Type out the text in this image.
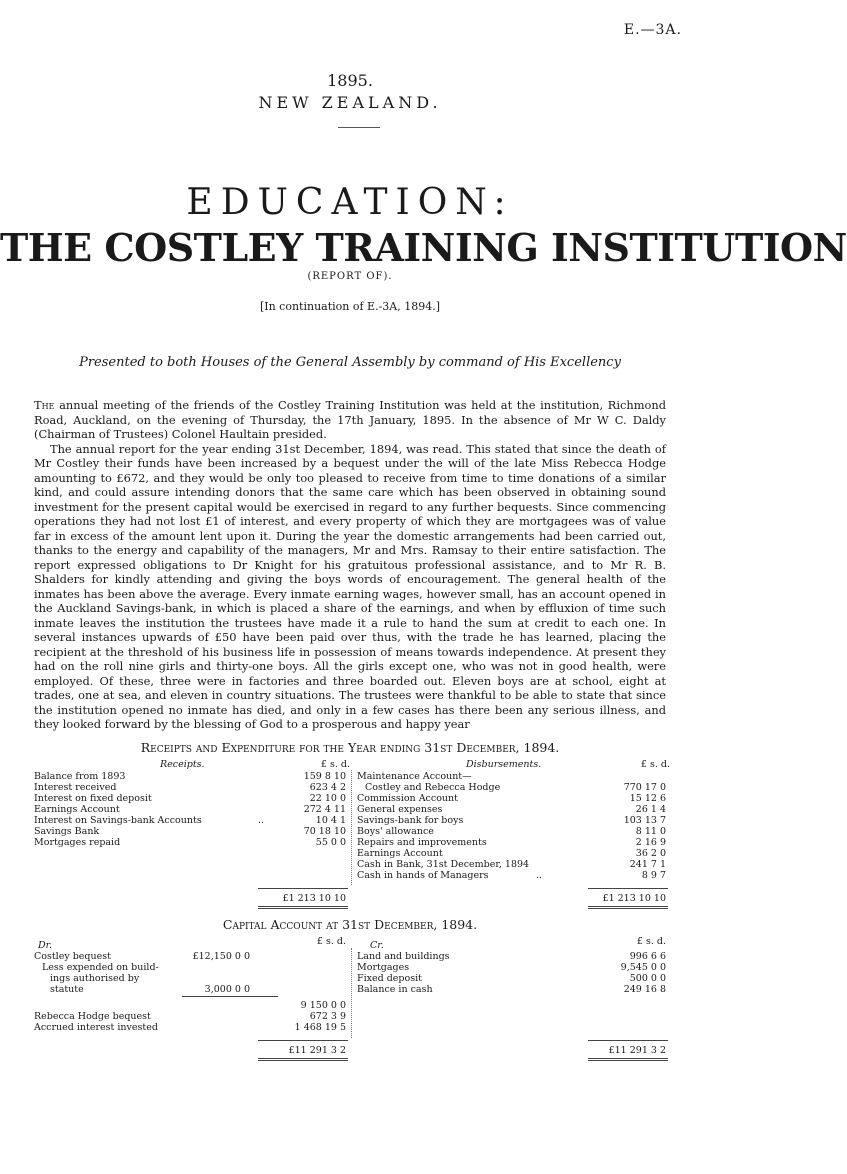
E.—3A.
1895.
NEW ZEALAND.
EDUCATION:
THE COSTLEY TRAINING INSTITUTION
(REPORT OF).
[In continuation of E.-3A, 1894.]
Presented to both Houses of the General Assembly by command of His Excellency

The annual meeting of the friends of the Costley Training Institution was held at the institution, Richmond Road, Auckland, on the evening of Thursday, the 17th January, 1895. In the absence of Mr W C. Daldy (Chairman of Trustees) Colonel Haultain presided.

The annual report for the year ending 31st December, 1894, was read. This stated that since the death of Mr Costley their funds have been increased by a bequest under the will of the late Miss Rebecca Hodge amounting to £672, and they would be only too pleased to receive from time to time donations of a similar kind, and could assure intending donors that the same care which has been observed in obtaining sound investment for the present capital would be exercised in regard to any further bequests. Since commencing operations they had not lost £1 of interest, and every property of which they are mortgagees was of value far in excess of the amount lent upon it. During the year the domestic arrangements had been carried out, thanks to the energy and capability of the managers, Mr and Mrs. Ramsay to their entire satisfaction. The report expressed obligations to Dr Knight for his gratuitous professional assistance, and to Mr R. B. Shalders for kindly attending and giving the boys words of encouragement. The general health of the inmates has been above the average. Every inmate earning wages, however small, has an account opened in the Auckland Savings-bank, in which is placed a share of the earnings, and when by effluxion of time such inmate leaves the institution the trustees have made it a rule to hand the sum at credit to each one. In several instances upwards of £50 have been paid over thus, with the trade he has learned, placing the recipient at the threshold of his business life in possession of means towards independence. At present they had on the roll nine girls and thirty-one boys. All the girls except one, who was not in good health, were employed. Of these, three were in factories and three boarded out. Eleven boys are at school, eight at trades, one at sea, and eleven in country situations. The trustees were thankful to be able to state that since the institution opened no inmate has died, and only in a few cases has there been any serious illness, and they looked forward by the blessing of God to a prosperous and happy year

Receipts and Expenditure for the Year ending 31st December, 1894.
Receipts.	£ s. d.	Disbursements.	£ s. d.
Balance from 1893	159 8 10
Interest received	623 4 2
Interest on fixed deposit	22 10 0
Earnings Account	272 4 11
Interest on Savings-bank Accounts	..	10 4 1
Savings Bank	70 18 10
Mortgages repaid	55 0 0
Maintenance Account—
Costley and Rebecca Hodge	770 17 0
Commission Account	15 12 6
General expenses	26 1 4
Savings-bank for boys	103 13 7
Boys' allowance	8 11 0
Repairs and improvements	2 16 9
Earnings Account	36 2 0
Cash in Bank, 31st December, 1894	241 7 1
Cash in hands of Managers	..	8 9 7
£1 213 10 10	£1 213 10 10
Capital Account at 31st December, 1894.
Dr.	£ s. d.	Cr.	£ s. d.
Costley bequest	£12,150 0 0
Less expended on build-
ings authorised by
statute	3,000 0 0
9 150 0 0
Rebecca Hodge bequest	672 3 9
Accrued interest invested	1 468 19 5
Land and buildings	996 6 6
Mortgages	9,545 0 0
Fixed deposit	500 0 0
Balance in cash	249 16 8
£11 291 3 2	£11 291 3 2
